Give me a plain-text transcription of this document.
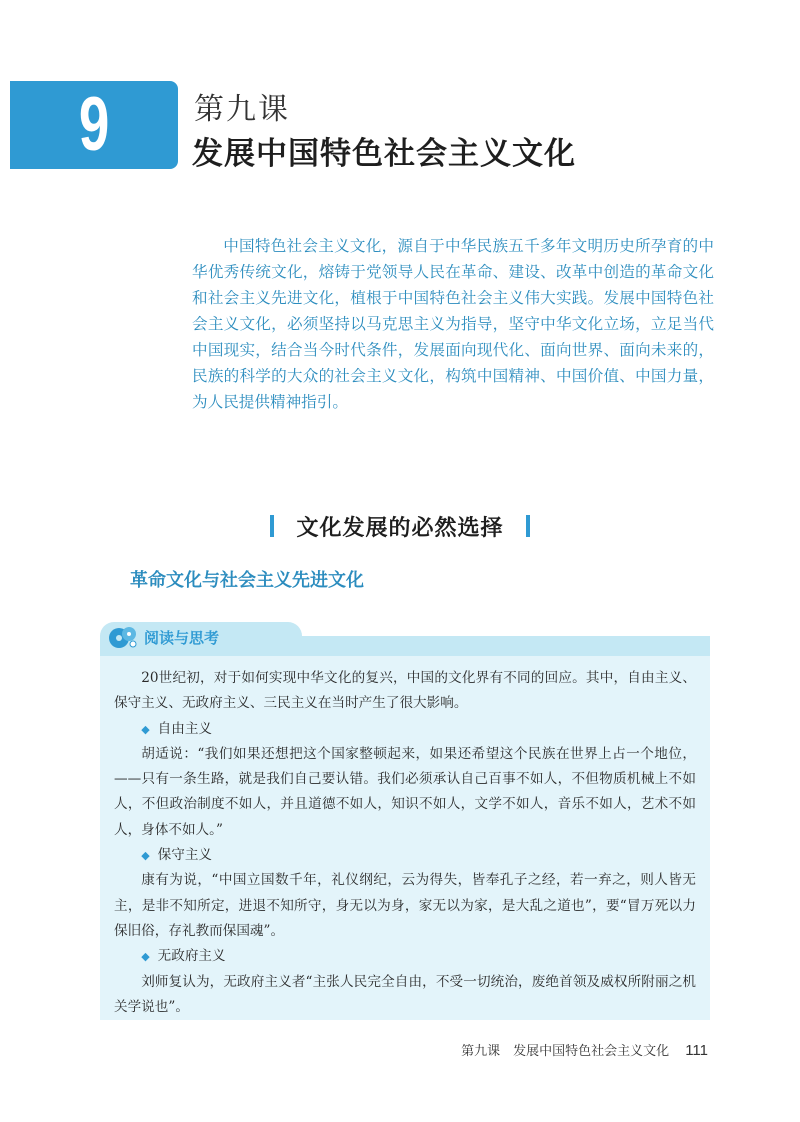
9	第九课
发展中国特色社会主义文化

中国特色社会主义文化，源自于中华民族五千多年文明历史所孕育的中华优秀传统文化，熔铸于党领导人民在革命、建设、改革中创造的革命文化和社会主义先进文化，植根于中国特色社会主义伟大实践。发展中国特色社会主义文化，必须坚持以马克思主义为指导，坚守中华文化立场，立足当代中国现实，结合当今时代条件，发展面向现代化、面向世界、面向未来的，民族的科学的大众的社会主义文化，构筑中国精神、中国价值、中国力量，为人民提供精神指引。

文化发展的必然选择
革命文化与社会主义先进文化
阅读与思考

20世纪初，对于如何实现中华文化的复兴，中国的文化界有不同的回应。其中，自由主义、保守主义、无政府主义、三民主义在当时产生了很大影响。

◆ 自由主义

胡适说：“我们如果还想把这个国家整顿起来，如果还希望这个民族在世界上占一个地位，——只有一条生路，就是我们自己要认错。我们必须承认自己百事不如人，不但物质机械上不如人，不但政治制度不如人，并且道德不如人，知识不如人，文学不如人，音乐不如人，艺术不如人，身体不如人。”

◆ 保守主义

康有为说，“中国立国数千年，礼仪纲纪，云为得失，皆奉孔子之经，若一弃之，则人皆无主，是非不知所定，进退不知所守，身无以为身，家无以为家，是大乱之道也”，要“冒万死以力保旧俗，存礼教而保国魂”。

◆ 无政府主义

刘师复认为，无政府主义者“主张人民完全自由，不受一切统治，废绝首领及威权所附丽之机关学说也”。

第九课　发展中国特色社会主义文化 111
